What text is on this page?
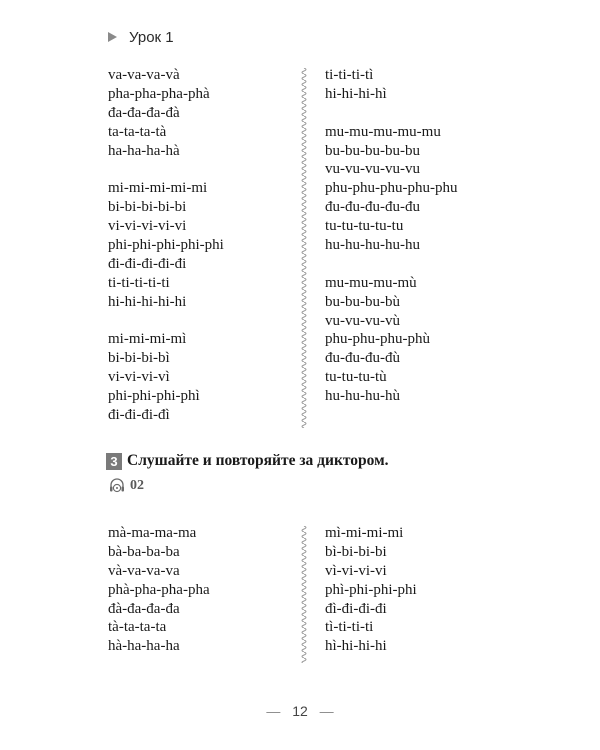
Урок 1
va-va-va-và
pha-pha-pha-phà
đa-đa-đa-đà
ta-ta-ta-tà
ha-ha-ha-hà
mi-mi-mi-mi-mi
bi-bi-bi-bi-bi
vi-vi-vi-vi-vi
phi-phi-phi-phi-phi
đi-đi-đi-đi-đi
ti-ti-ti-ti-ti
hi-hi-hi-hi-hi
mi-mi-mi-mì
bi-bi-bi-bì
vi-vi-vi-vì
phi-phi-phi-phì
đi-đi-đi-đì
ti-ti-ti-tì
hi-hi-hi-hì
mu-mu-mu-mu-mu
bu-bu-bu-bu-bu
vu-vu-vu-vu-vu
phu-phu-phu-phu-phu
đu-đu-đu-đu-đu
tu-tu-tu-tu-tu
hu-hu-hu-hu-hu
mu-mu-mu-mù
bu-bu-bu-bù
vu-vu-vu-vù
phu-phu-phu-phù
đu-đu-đu-đù
tu-tu-tu-tù
hu-hu-hu-hù
3 Слушайте и повторяйте за диктором.
02
mà-ma-ma-ma
bà-ba-ba-ba
và-va-va-va
phà-pha-pha-pha
đà-đa-đa-đa
tà-ta-ta-ta
hà-ha-ha-ha
mì-mi-mi-mi
bì-bi-bi-bi
vì-vi-vi-vi
phì-phi-phi-phi
đì-đi-đi-đi
tì-ti-ti-ti
hì-hi-hi-hi
— 12 —
